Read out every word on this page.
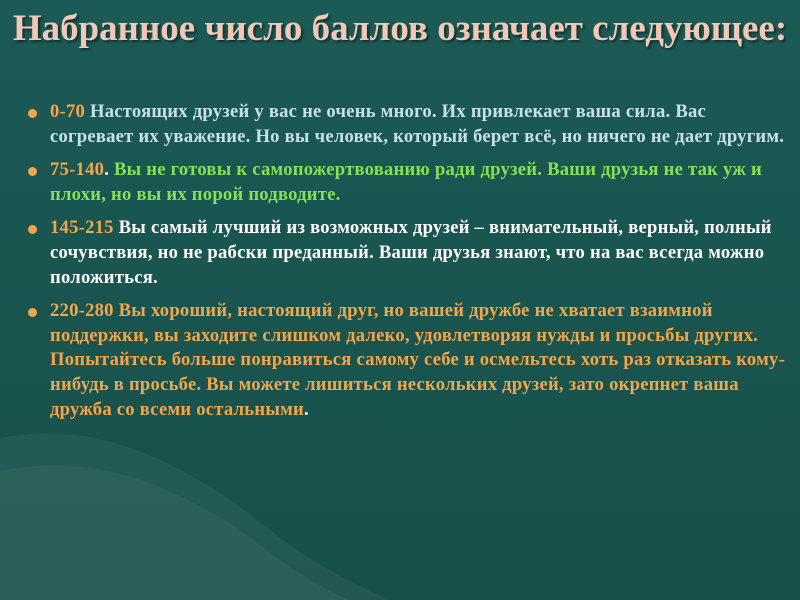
Набранное число баллов означает следующее:
0-70 Настоящих друзей у вас не очень много. Их привлекает ваша сила. Вас согревает их уважение. Но вы человек, который берет всё, но ничего не дает другим.
75-140. Вы не готовы к самопожертвованию ради друзей. Ваши друзья не так уж и плохи, но вы их порой подводите.
145-215 Вы самый лучший из возможных друзей – внимательный, верный, полный сочувствия, но не рабски преданный. Ваши друзья знают, что на вас всегда можно положиться.
220-280 Вы хороший, настоящий друг, но вашей дружбе не хватает взаимной поддержки, вы заходите слишком далеко, удовлетворяя нужды и просьбы других. Попытайтесь больше понравиться самому себе и осмельтесь хоть раз отказать кому-нибудь в просьбе. Вы можете лишиться нескольких друзей, зато окрепнет ваша дружба со всеми остальными.
